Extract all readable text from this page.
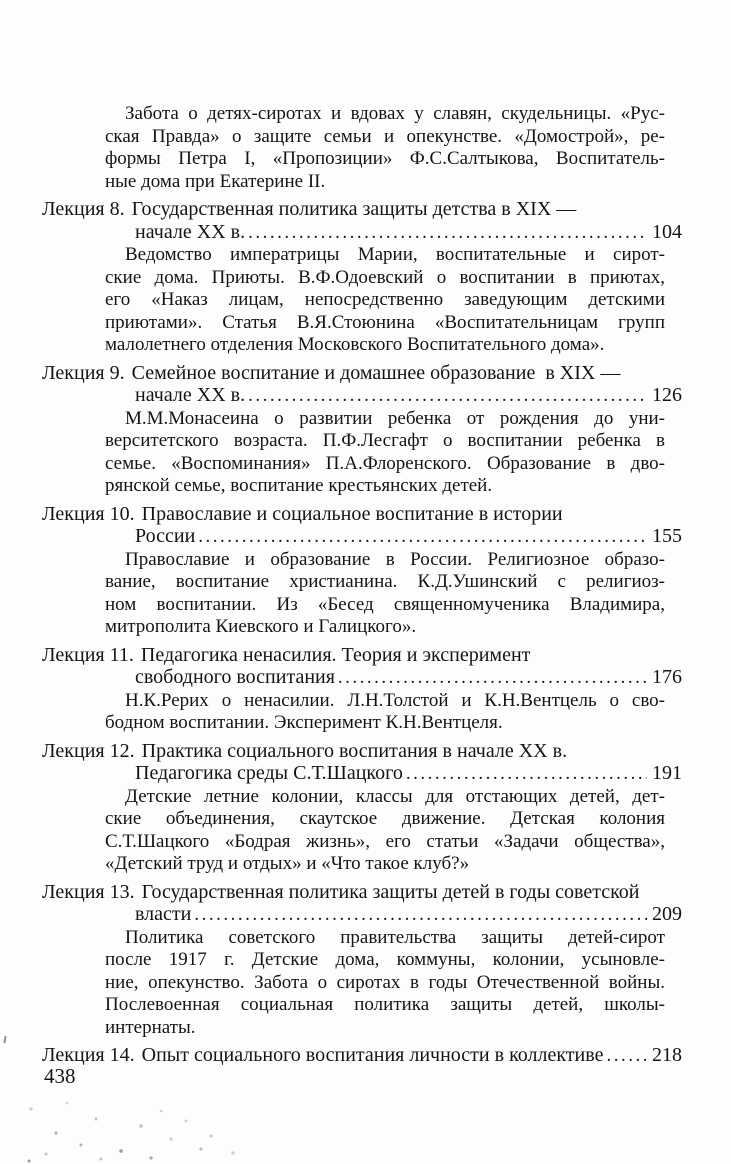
Забота о детях-сиротах и вдовах у славян, скудельницы. «Рус-
ская Правда» о защите семьи и опекунстве. «Домострой», ре-
формы Петра I, «Пропозиции» Ф.С.Салтыкова, Воспитатель-
ные дома при Екатерине II.
Лекция 8. Государственная политика защиты детства в XIX —
начале XX в. .....	104
Ведомство императрицы Марии, воспитательные и сирот-
ские дома. Приюты. В.Ф.Одоевский о воспитании в приютах,
его «Наказ лицам, непосредственно заведующим детскими
приютами». Статья В.Я.Стоюнина «Воспитательницам групп
малолетнего отделения Московского Воспитательного дома».
Лекция 9. Семейное воспитание и домашнее образование  в XIX —
начале XX в. .....	126
М.М.Монасеина о развитии ребенка от рождения до уни-
верситетского возраста. П.Ф.Лесгафт о воспитании ребенка в
семье. «Воспоминания» П.А.Флоренского. Образование в дво-
рянской семье, воспитание крестьянских детей.
Лекция 10. Православие и социальное воспитание в истории
России .....	155
Православие и образование в России. Религиозное образо-
вание, воспитание христианина. К.Д.Ушинский с религиоз-
ном воспитании. Из «Бесед священномученика Владимира,
митрополита Киевского и Галицкого».
Лекция 11. Педагогика ненасилия. Теория и эксперимент
свободного воспитания .....	176
Н.К.Рерих о ненасилии. Л.Н.Толстой и К.Н.Вентцель о сво-
бодном воспитании. Эксперимент К.Н.Вентцеля.
Лекция 12. Практика социального воспитания в начале XX в.
Педагогика среды С.Т.Шацкого .....	191
Детские летние колонии, классы для отстающих детей, дет-
ские объединения, скаутское движение. Детская колония
С.Т.Шацкого «Бодрая жизнь», его статьи «Задачи общества»,
«Детский труд и отдых» и «Что такое клуб?»
Лекция 13. Государственная политика защиты детей в годы советской
власти .....	209
Политика советского правительства защиты детей-сирот
после 1917 г. Детские дома, коммуны, колонии, усыновле-
ние, опекунство. Забота о сиротах в годы Отечественной войны.
Послевоенная социальная политика защиты детей, школы-
интернаты.
Лекция 14. Опыт социального воспитания личности в коллективе ..... 218
438
